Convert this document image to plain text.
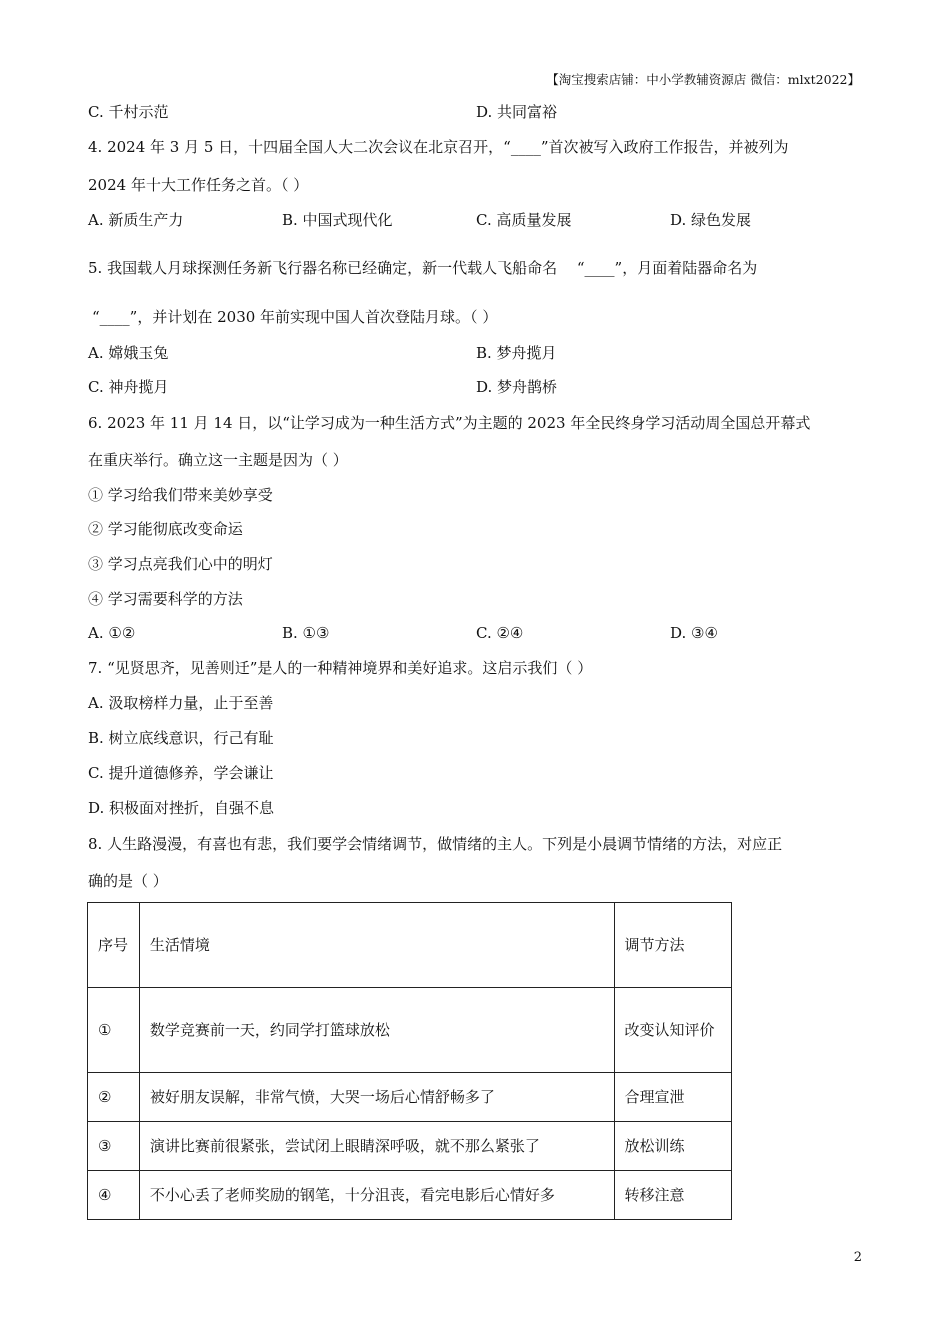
【淘宝搜索店铺：中小学教辅资源店 微信：mlxt2022】
C. 千村示范	D. 共同富裕
4. 2024 年 3 月 5 日，十四届全国人大二次会议在北京召开，“____”首次被写入政府工作报告，并被列为
2024 年十大工作任务之首。（ ）
A. 新质生产力	B. 中国式现代化	C. 高质量发展	D. 绿色发展
5. 我国载人月球探测任务新飞行器名称已经确定，新一代载人飞船命名　 “____”，月面着陆器命名为
“____”，并计划在 2030 年前实现中国人首次登陆月球。（ ）
A. 嫦娥玉兔	B. 梦舟揽月
C. 神舟揽月	D. 梦舟鹊桥
6. 2023 年 11 月 14 日，以“让学习成为一种生活方式”为主题的 2023 年全民终身学习活动周全国总开幕式
在重庆举行。确立这一主题是因为（ ）
① 学习给我们带来美妙享受
② 学习能彻底改变命运
③ 学习点亮我们心中的明灯
④ 学习需要科学的方法
A. ①②	B. ①③	C. ②④	D. ③④
7. “见贤思齐，见善则迁”是人的一种精神境界和美好追求。这启示我们（ ）
A. 汲取榜样力量，止于至善
B. 树立底线意识，行己有耻
C. 提升道德修养，学会谦让
D. 积极面对挫折，自强不息
8. 人生路漫漫，有喜也有悲，我们要学会情绪调节，做情绪的主人。下列是小晨调节情绪的方法，对应正
确的是（ ）
序号	生活情境	调节方法
①	数学竞赛前一天，约同学打篮球放松	改变认知评价
②	被好朋友误解，非常气愤，大哭一场后心情舒畅多了	合理宣泄
③	演讲比赛前很紧张，尝试闭上眼睛深呼吸，就不那么紧张了	放松训练
④	不小心丢了老师奖励的钢笔，十分沮丧，看完电影后心情好多	转移注意
2
